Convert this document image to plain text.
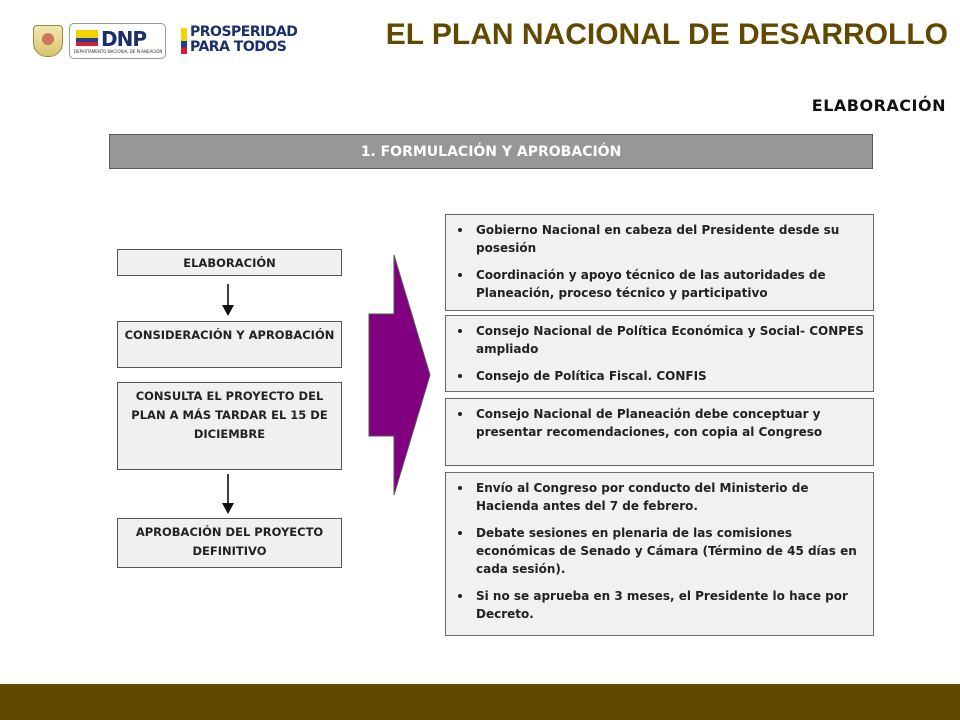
DNP
DEPARTAMENTO NACIONAL DE PLANEACIÓN
PROSPERIDAD
PARA TODOS	EL PLAN NACIONAL DE DESARROLLO
ELABORACIÓN
1. FORMULACIÓN Y APROBACIÓN
ELABORACIÓN
CONSIDERACIÓN Y APROBACIÓN
CONSULTA EL PROYECTO DEL PLAN A MÁS TARDAR EL 15 DE DICIEMBRE
APROBACIÓN DEL PROYECTO DEFINITIVO
Gobierno Nacional en cabeza del Presidente desde su posesión
Coordinación y apoyo técnico de las autoridades de Planeación, proceso técnico y participativo
Consejo Nacional de Política Económica y Social- CONPES ampliado
Consejo de Política Fiscal. CONFIS
Consejo Nacional de Planeación debe conceptuar y presentar recomendaciones, con copia al Congreso
Envío al Congreso por conducto del Ministerio de Hacienda antes del 7 de febrero.
Debate sesiones en plenaria de las comisiones económicas de Senado y Cámara (Término de 45 días en cada sesión).
Si no se aprueba en 3 meses, el Presidente lo hace por Decreto.
